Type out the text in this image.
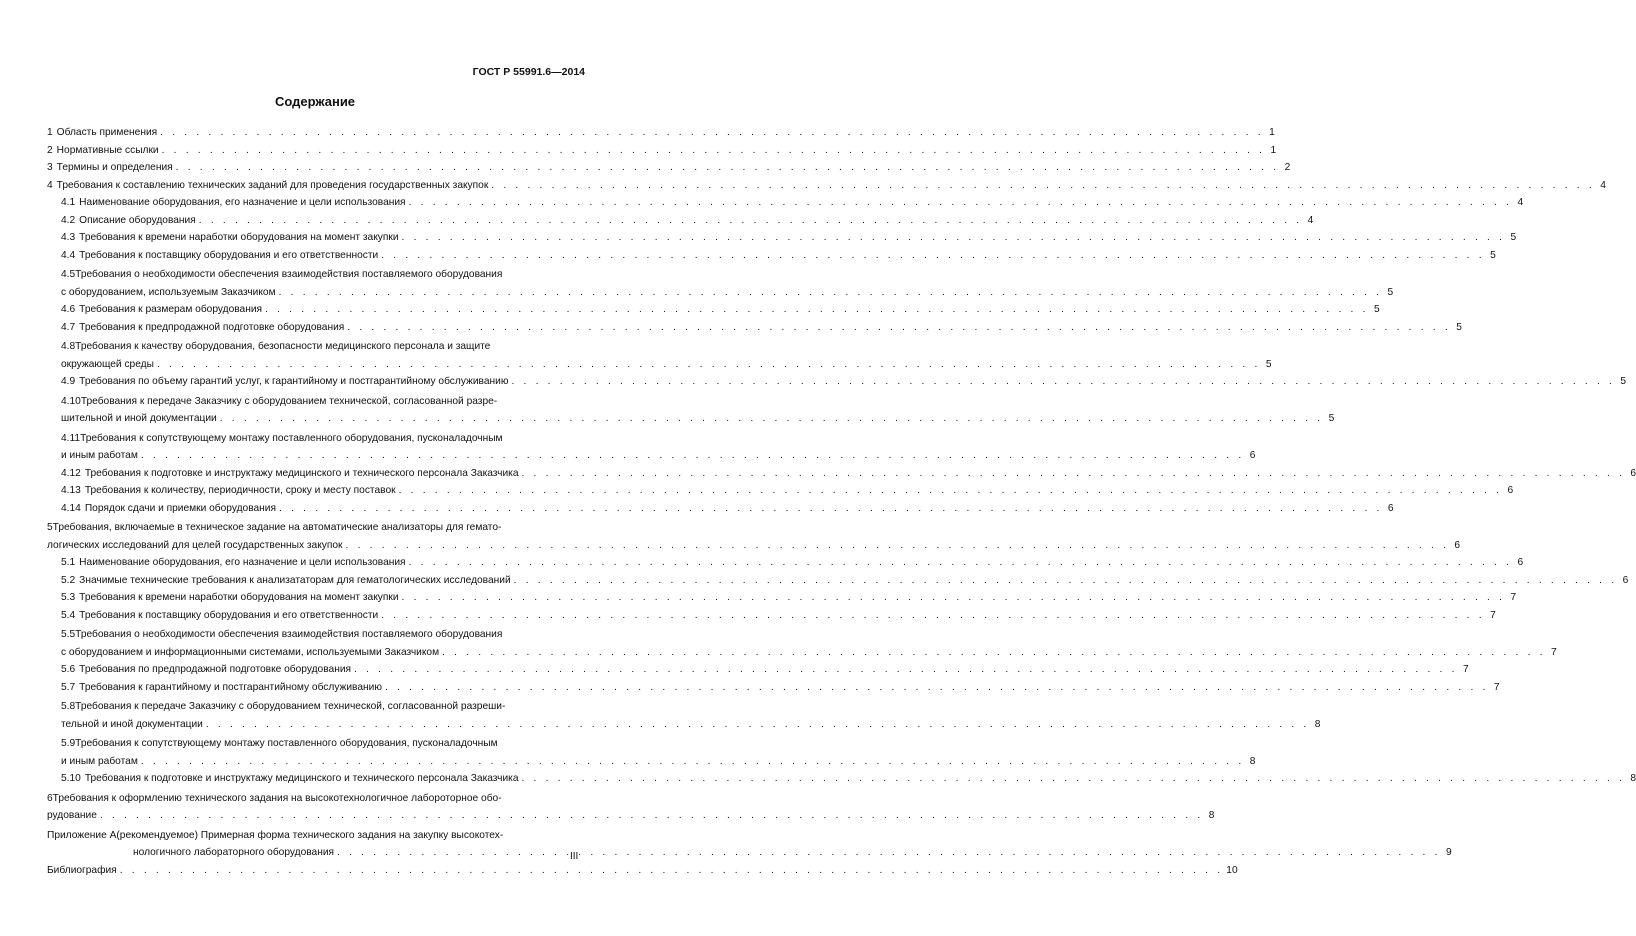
ГОСТ Р 55991.6—2014
Содержание
1 Область применения . . .	1
2 Нормативные ссылки . . .	1
3 Термины и определения . . .	2
4 Требования к составлению технических заданий для проведения государственных закупок . . .	4
4.1 Наименование оборудования, его назначение и цели использования . . .	4
4.2 Описание оборудования . . .	4
4.3 Требования к времени наработки оборудования на момент закупки . . .	5
4.4 Требования к поставщику оборудования и его ответственности . . .	5
4.5Требования о необходимости обеспечения взаимодействия поставляемого оборудования
с оборудованием, используемым Заказчиком . . .	5
4.6 Требования к размерам оборудования . . .	5
4.7 Требования к предпродажной подготовке оборудования . . .	5
4.8Требования к качеству оборудования, безопасности медицинского персонала и защите
окружающей среды . . .	5
4.9 Требования по объему гарантий услуг, к гарантийному и постгарантийному обслуживанию . . .	5
4.10Требования к передаче Заказчику с оборудованием технической, согласованной разре-
шительной и иной документации . . .	5
4.11Требования к сопутствующему монтажу поставленного оборудования, пусконаладочным
и иным работам . . .	6
4.12 Требования к подготовке и инструктажу медицинского и технического персонала Заказчика . . .	6
4.13 Требования к количеству, периодичности, сроку и месту поставок . . .	6
4.14 Порядок сдачи и приемки оборудования . . .	6
5Требования, включаемые в техническое задание на автоматические анализаторы для гемато-
логических исследований для целей государственных закупок . . .	6
5.1 Наименование оборудования, его назначение и цели использования . . .	6
5.2 Значимые технические требования к анализататорам для гематологических исследований . . .	6
5.3 Требования к времени наработки оборудования на момент закупки . . .	7
5.4 Требования к поставщику оборудования и его ответственности . . .	7
5.5Требования о необходимости обеспечения взаимодействия поставляемого оборудования
с оборудованием и информационными системами, используемыми Заказчиком . . .	7
5.6 Требования по предпродажной подготовке оборудования . . .	7
5.7 Требования к гарантийному и постгарантийному обслуживанию . . .	7
5.8Требования к передаче Заказчику с оборудованием технической, согласованной разреши-
тельной и иной документации . . .	8
5.9Требования к сопутствующему монтажу поставленного оборудования, пусконаладочным
и иным работам . . .	8
5.10 Требования к подготовке и инструктажу медицинского и технического персонала Заказчика . . .	8
6Требования к оформлению технического задания на высокотехнологичное лабороторное обо-
рудование . . .	8
Приложение А(рекомендуемое) Примерная форма технического задания на закупку высокотех-
нологичного лабораторного оборудования . . .	9
Библиография . . .	10
III
